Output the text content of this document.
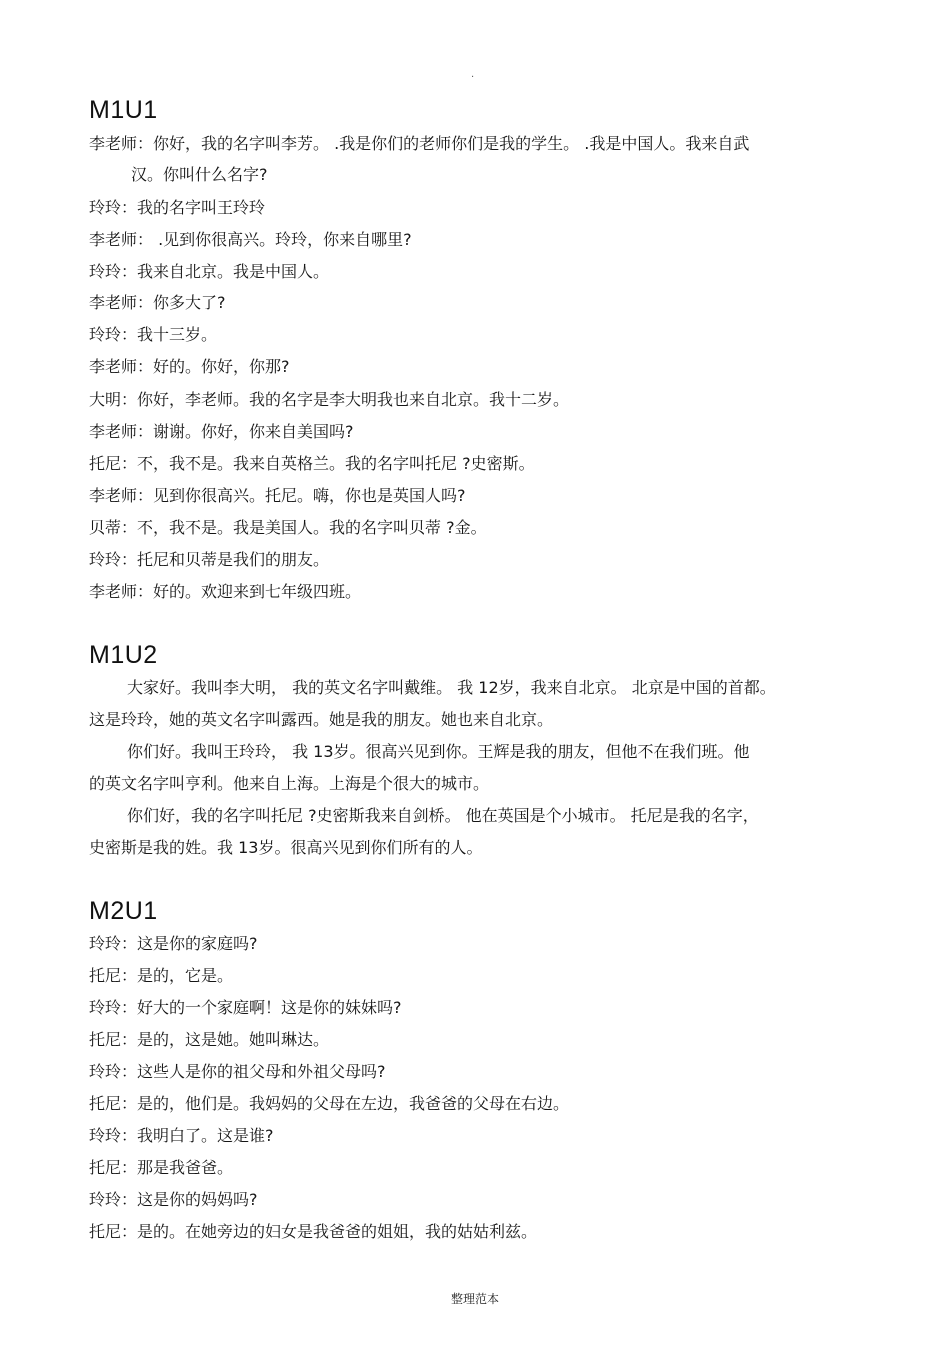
·
M1U1
李老师：你好，我的名字叫李芳。 .我是你们的老师你们是我的学生。 .我是中国人。我来自武
汉。你叫什么名字?
玲玲：我的名字叫王玲玲
李老师： .见到你很高兴。玲玲，你来自哪里?
玲玲：我来自北京。我是中国人。
李老师：你多大了?
玲玲：我十三岁。
李老师：好的。你好，你那?
大明：你好，李老师。我的名字是李大明我也来自北京。我十二岁。
李老师：谢谢。你好，你来自美国吗?
托尼：不，我不是。我来自英格兰。我的名字叫托尼 ?史密斯。
李老师：见到你很高兴。托尼。嗨，你也是英国人吗?
贝蒂：不，我不是。我是美国人。我的名字叫贝蒂 ?金。
玲玲：托尼和贝蒂是我们的朋友。
李老师：好的。欢迎来到七年级四班。
M1U2
大家好。我叫李大明， 我的英文名字叫戴维。 我 12岁，我来自北京。 北京是中国的首都。
这是玲玲，她的英文名字叫露西。她是我的朋友。她也来自北京。
你们好。我叫王玲玲， 我 13岁。很高兴见到你。王辉是我的朋友，但他不在我们班。他
的英文名字叫亨利。他来自上海。上海是个很大的城市。
你们好，我的名字叫托尼 ?史密斯我来自剑桥。 他在英国是个小城市。 托尼是我的名字，
史密斯是我的姓。我 13岁。很高兴见到你们所有的人。
M2U1
玲玲：这是你的家庭吗?
托尼：是的，它是。
玲玲：好大的一个家庭啊！这是你的妹妹吗?
托尼：是的，这是她。她叫琳达。
玲玲：这些人是你的祖父母和外祖父母吗?
托尼：是的，他们是。我妈妈的父母在左边，我爸爸的父母在右边。
玲玲：我明白了。这是谁?
托尼：那是我爸爸。
玲玲：这是你的妈妈吗?
托尼：是的。在她旁边的妇女是我爸爸的姐姐，我的姑姑利兹。
整理范本
